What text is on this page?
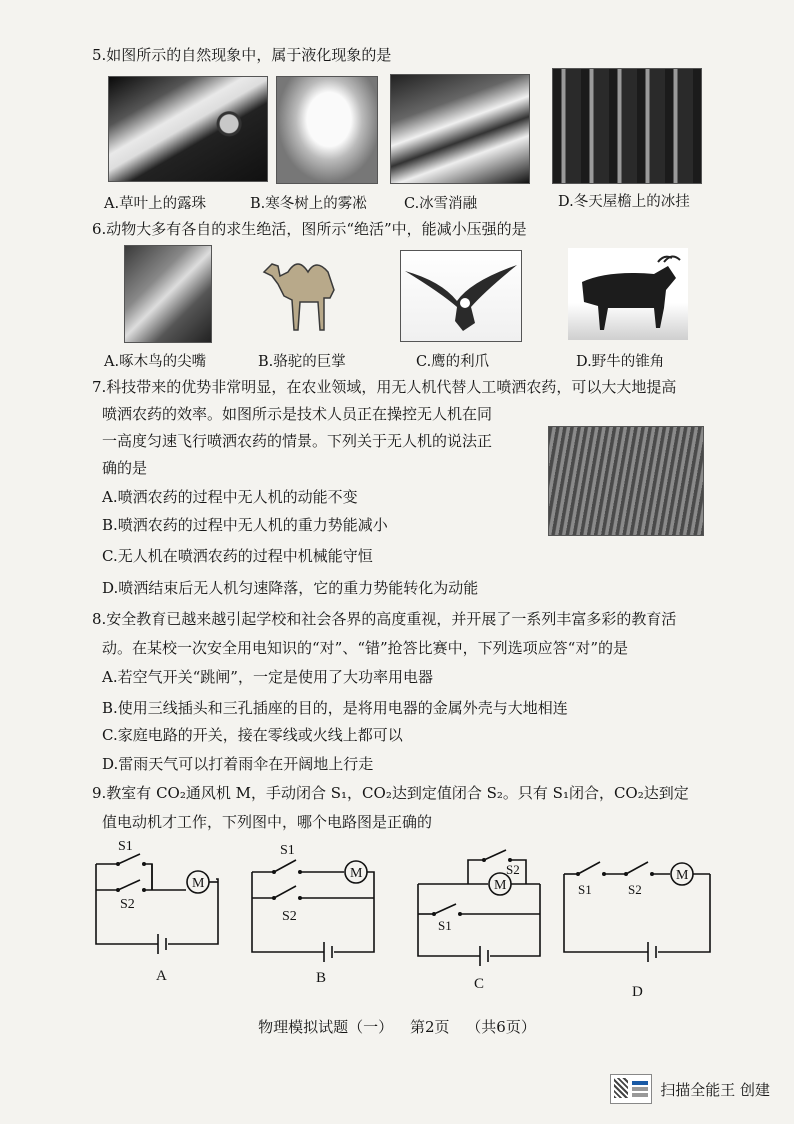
5.如图所示的自然现象中，属于液化现象的是
A.草叶上的露珠	B.寒冬树上的雾凇	C.冰雪消融	D.冬天屋檐上的冰挂
6.动物大多有各自的求生绝活，图所示“绝活”中，能减小压强的是
A.啄木鸟的尖嘴	B.骆驼的巨掌	C.鹰的利爪	D.野牛的锥角
7.科技带来的优势非常明显，在农业领域，用无人机代替人工喷洒农药，可以大大地提高
喷洒农药的效率。如图所示是技术人员正在操控无人机在同
一高度匀速飞行喷洒农药的情景。下列关于无人机的说法正
确的是
A.喷洒农药的过程中无人机的动能不变
B.喷洒农药的过程中无人机的重力势能减小
C.无人机在喷洒农药的过程中机械能守恒
D.喷洒结束后无人机匀速降落，它的重力势能转化为动能
8.安全教育已越来越引起学校和社会各界的高度重视，并开展了一系列丰富多彩的教育活
动。在某校一次安全用电知识的“对”、“错”抢答比赛中，下列选项应答“对”的是
A.若空气开关“跳闸”，一定是使用了大功率用电器
B.使用三线插头和三孔插座的目的，是将用电器的金属外壳与大地相连
C.家庭电路的开关，接在零线或火线上都可以
D.雷雨天气可以打着雨伞在开阔地上行走
9.教室有 CO₂通风机 M，手动闭合 S₁，CO₂达到定值闭合 S₂。只有 S₁闭合，CO₂达到定
值电动机才工作，下列图中，哪个电路图是正确的
M
S1
S2
A
M
S1
S2
B
M
S2
S1
C
M
S1	S2
D
物理模拟试题（一） 第2页 （共6页）
扫描全能王 创建
